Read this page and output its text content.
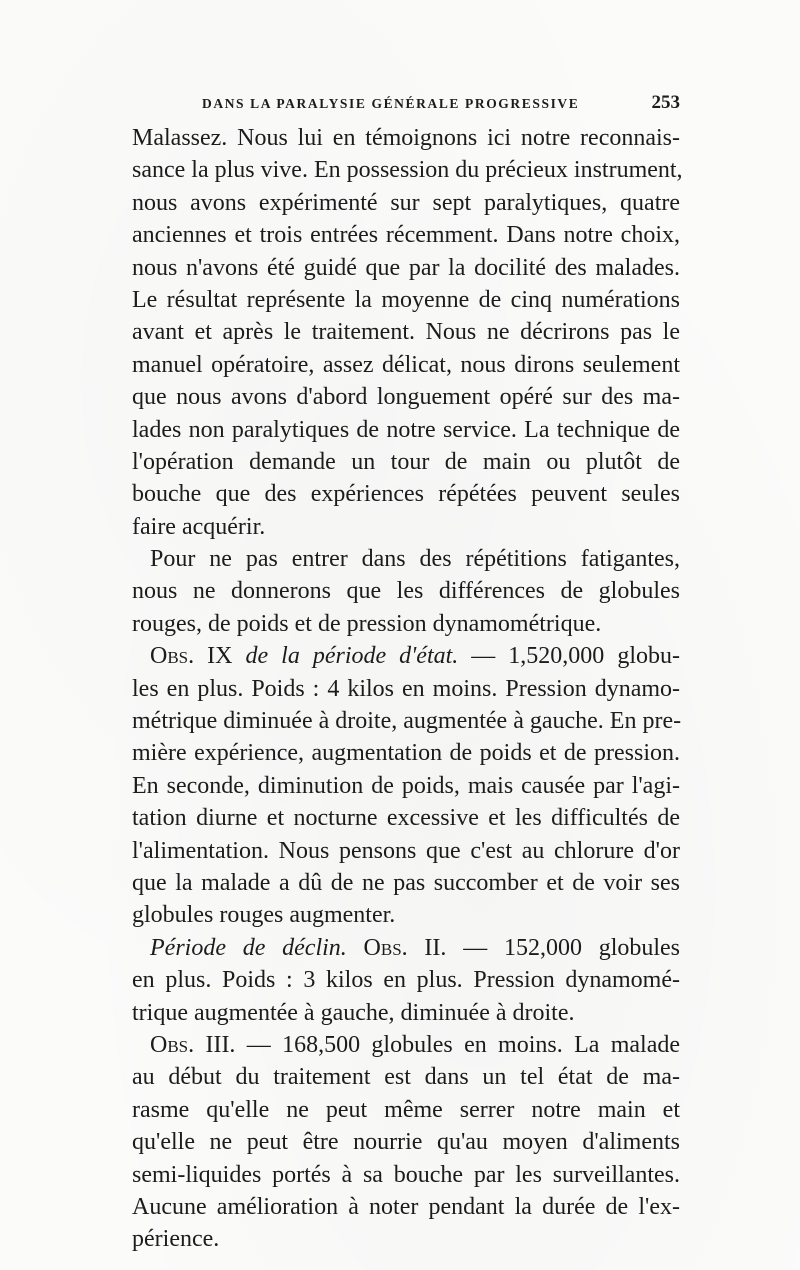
DANS LA PARALYSIE GÉNÉRALE PROGRESSIVE	253
Malassez. Nous lui en témoignons ici notre reconnais-
sance la plus vive. En possession du précieux instrument,
nous avons expérimenté sur sept paralytiques, quatre
anciennes et trois entrées récemment. Dans notre choix,
nous n'avons été guidé que par la docilité des malades.
Le résultat représente la moyenne de cinq numérations
avant et après le traitement. Nous ne décrirons pas le
manuel opératoire, assez délicat, nous dirons seulement
que nous avons d'abord longuement opéré sur des ma-
lades non paralytiques de notre service. La technique de
l'opération demande un tour de main ou plutôt de
bouche que des expériences répétées peuvent seules
faire acquérir.
Pour ne pas entrer dans des répétitions fatigantes,
nous ne donnerons que les différences de globules
rouges, de poids et de pression dynamométrique.
Obs. IX de la période d'état. — 1,520,000 globu-
les en plus. Poids : 4 kilos en moins. Pression dynamo-
métrique diminuée à droite, augmentée à gauche. En pre-
mière expérience, augmentation de poids et de pression.
En seconde, diminution de poids, mais causée par l'agi-
tation diurne et nocturne excessive et les difficultés de
l'alimentation. Nous pensons que c'est au chlorure d'or
que la malade a dû de ne pas succomber et de voir ses
globules rouges augmenter.
Période de déclin. Obs. II. — 152,000 globules
en plus. Poids : 3 kilos en plus. Pression dynamomé-
trique augmentée à gauche, diminuée à droite.
Obs. III. — 168,500 globules en moins. La malade
au début du traitement est dans un tel état de ma-
rasme qu'elle ne peut même serrer notre main et
qu'elle ne peut être nourrie qu'au moyen d'aliments
semi-liquides portés à sa bouche par les surveillantes.
Aucune amélioration à noter pendant la durée de l'ex-
périence.
